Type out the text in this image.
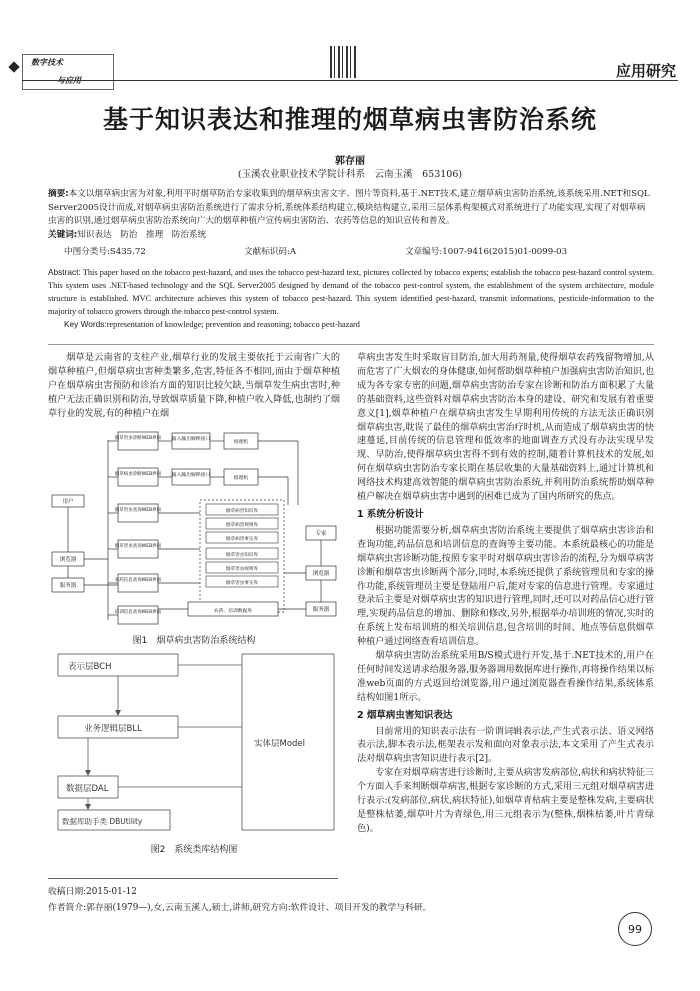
数字技术
与应用	应用研究
基于知识表达和推理的烟草病虫害防治系统
郭存丽
(玉溪农业职业技术学院计科系　云南玉溪　653106)
摘要:本文以烟草病虫害为对象,利用平时烟草防治专家收集到的烟草病虫害文字、图片等资料,基于.NET技术,建立烟草病虫害防治系统,该系统采用.NET和SQL Server2005设计而成,对烟草病虫害防治系统进行了需求分析,系统体系结构建立,模块结构建立,采用三层体系构架模式对系统进行了功能实现,实现了对烟草病虫害的识别,通过烟草病虫害防治系统向广大的烟草种植户宣传病虫害防治、农药等信息的知识宣传和普及。
关键词:知识表达　防治　推理　防治系统
中图分类号:S435.72	文献标识码:A	文章编号:1007-9416(2015)01-0099-03
Abstract: This paper based on the tobacco pest-hazard, and uses the tobacco pest-hazard text, pictures collected by tobacco experts; establish the tobacco pest-hazard control system. This system uses .NET-based technology and the SQL Server2005 designed by demand of the tobacco pest-control system, the establishment of the system architecture, module structure is established. MVC architecture achieves this system of tobacco pest-hazard. This system identified pest-hazard, transmit informations, pesticide-information to the majority of tobacco growers through the tobacco pest-control system.
Key Words:representation of knowledge; prevention and reasoning; tobacco pest-hazard

烟草是云南省的支柱产业,烟草行业的发展主要依托于云南省广大的烟草种植户,但烟草病虫害种类繁多,危害,特征各不相同,而由于烟草种植户在烟草病虫害预防和诊治方面的知识比较欠缺,当烟草发生病虫害时,种植户无法正确识别和防治,导致烟草质量下降,种植户收入降低,也制约了烟草行业的发展,有的种植户在烟

用户
浏览器
服务器
烟草害虫诊断WEB界面
烟草病虫诊断WEB界面
烟草害虫查询WEB界面
烟草害虫查询WEB界面
农药信息查询WEB界面
培训信息查询WEB界面
输入输出解释接口
输入输出解释接口
推理机
推理机
烟草病害知识库
烟草病害规则库
烟草病害事实库
烟草害虫知识库
烟草害虫规则库
烟草害虫事实库
农药、培训数据库
专家
浏览器
服务器
图1　烟草病虫害防治系统结构
表示层BCH
业务逻辑层BLL
数据层DAL
数据库助手类 DBUtility
实体层Model
图2　系统类库结构图

草病虫害发生时采取盲目防治,加大用药剂量,使得烟草农药残留物增加,从而危害了广大烟农的身体健康,如何帮助烟草种植户加强病虫害防治知识,也成为各专家专密的问题,烟草病虫害防治专家在诊断和防治方面积累了大量的基础资料,这些资料对烟草病虫害防治本身的建设、研究和发展有着重要意义[1],烟草种植户在烟草病虫害发生早期利用传统的方法无法正确识别烟草病虫害,耽误了最佳的烟草病虫害治疗时机,从而造成了烟草病虫害的快速蔓延,目前传统的信息管理和低效率的地面调查方式没有办法实现早发现、早防治,使得烟草病虫害得不到有效的控制,随着计算机技术的发展,如何在烟草病虫害防治专家长期在基层收集的大量基础资料上,通过计算机和网络技术构建高效智能的烟草病虫害防治系统,并利用防治系统帮助烟草种植户解决在烟草病虫害中遇到的困难已成为了国内所研究的焦点。

1 系统分析设计

根据功能需要分析,烟草病虫害防治系统主要提供了烟草病虫害诊治和查询功能,药品信息和培训信息的查询等主要功能。本系统最核心的功能是烟草病虫害诊断功能,按照专家平时对烟草病虫害诊治的流程,分为烟草病害诊断和烟草害虫诊断两个部分,同时,本系统还提供了系统管理员和专家的操作功能,系统管理员主要是登陆用户后,能对专家的信息进行管理。专家通过登录后主要是对烟草病虫害的知识进行管理,同时,还可以对药品信心进行管理,实现药品信息的增加、删除和修改,另外,根据举办培训班的情况,实时的在系统上发布培训班的相关培训信息,包含培训的时间、地点等信息供烟草种植户通过网络查看培训信息。

烟草病虫害防治系统采用B/S模式进行开发,基于.NET技术的,用户在任何时间发送请求给服务器,服务器调用数据库进行操作,再将操作结果以标准web页面的方式返回给浏览器,用户通过浏览器查看操作结果,系统体系结构如图1所示。

2 烟草病虫害知识表达

目前常用的知识表示法有一阶谓词辑表示法,产生式表示法、语义网络表示法,脚本表示法,框架表示发和面向对象表示法,本文采用了产生式表示法对烟草病虫害知识进行表示[2]。

专家在对烟草病害进行诊断时,主要从病害发病部位,病状和病状特征三个方面入手来判断烟草病害,根据专家诊断的方式,采用三元组对烟草病害进行表示:(发病部位,病状,病状特征),如烟草青枯病主要是整株发病,主要病状是整株枯萎,烟草叶片为青绿色,用三元组表示为(整株,烟株枯萎,叶片青绿色)。

收稿日期:2015-01-12
作者简介:郭存丽(1979—),女,云南玉溪人,硕士,讲师,研究方向:软件设计、项目开发的教学与科研。
99
